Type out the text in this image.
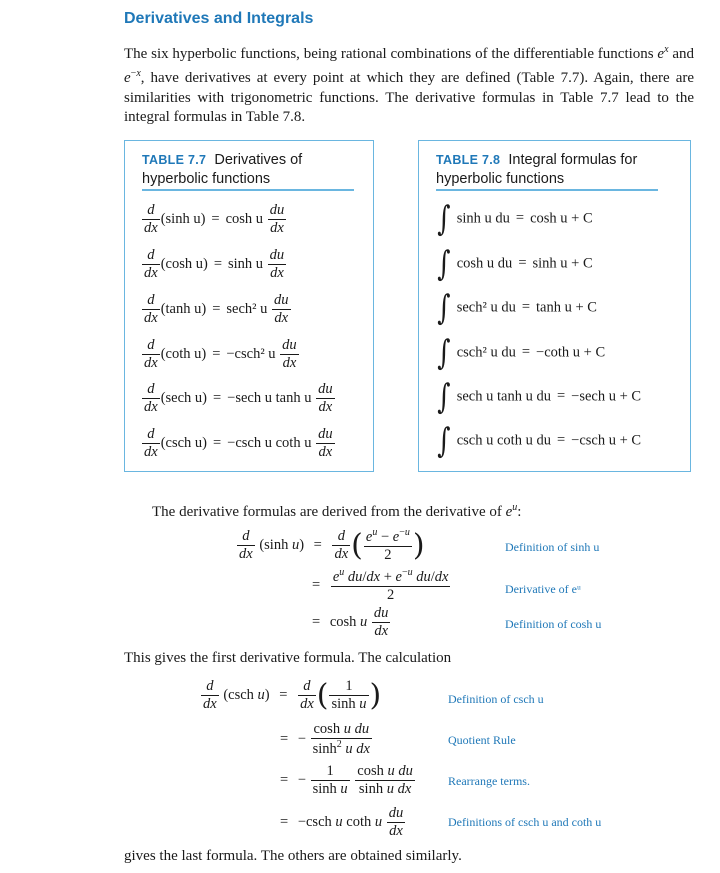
Derivatives and Integrals

The six hyperbolic functions, being rational combinations of the differentiable functions $e^x$ and $e^{-x}$, have derivatives at every point at which they are defined (Table 7.7). Again, there are similarities with trigonometric functions. The derivative formulas in Table 7.7 lead to the integral formulas in Table 7.8.

TABLE 7.7 Derivatives of hyperbolic functions
$\frac{d}{dx} (\sinh$ u) = cosh u $\frac{du}{dx}$
$\frac{d}{dx} (\cosh$ u) = sinh u $\frac{du}{dx}$
$\frac{d}{dx} (\tanh$ u) = sech² u $\frac{du}{dx}$
$\frac{d}{dx} (\cot h$ u) = −csch² u $\frac{du}{dx}$
$\frac{d}{dx} (\sec h$ u) = −sech u tanh u $\frac{du}{dx}$
$\frac{d}{dx} (\csc h$ u) = −csch u coth u $\frac{du}{dx}$
TABLE 7.8 Integral formulas for hyperbolic functions
∫ sinh u du = cosh u + C
∫ cosh u du = sinh u + C
∫ sech² u du = tanh u + C
∫ csch² u du = −coth u + C
∫ sech u tanh u du = −sech u + C
∫ csch u coth u du = −csch u + C

The derivative formulas are derived from the derivative of $e^u$:

$\frac{d}{dx} (\sinh$ $u) = \frac{d}{dx}$ ( $\frac{e^u - e^{-u}}{2}$ )
= $\frac{e^u du/dx + e^{-u} du/dx}{2}$
= cosh u $\frac{du}{dx}$
Definition of sinh u
Derivative of eᵘ
Definition of cosh u

This gives the first derivative formula. The calculation

$\frac{d}{dx} (\csc h$ $u) = \frac{d}{dx}$ ( $\frac{1}{\text{sinh u}}$ )
= − $\frac{\text{cosh u du}}{\sinh^2 u dx}$
= − $\frac{1}{\text{sinh u}}$
$\frac{\text{cosh u du}}{\text{sinh u dx}}$
= −csch u coth u $\frac{du}{dx}$
Definition of csch u
Quotient Rule
Rearrange terms.
Definitions of csch u and coth u

gives the last formula. The others are obtained similarly.
